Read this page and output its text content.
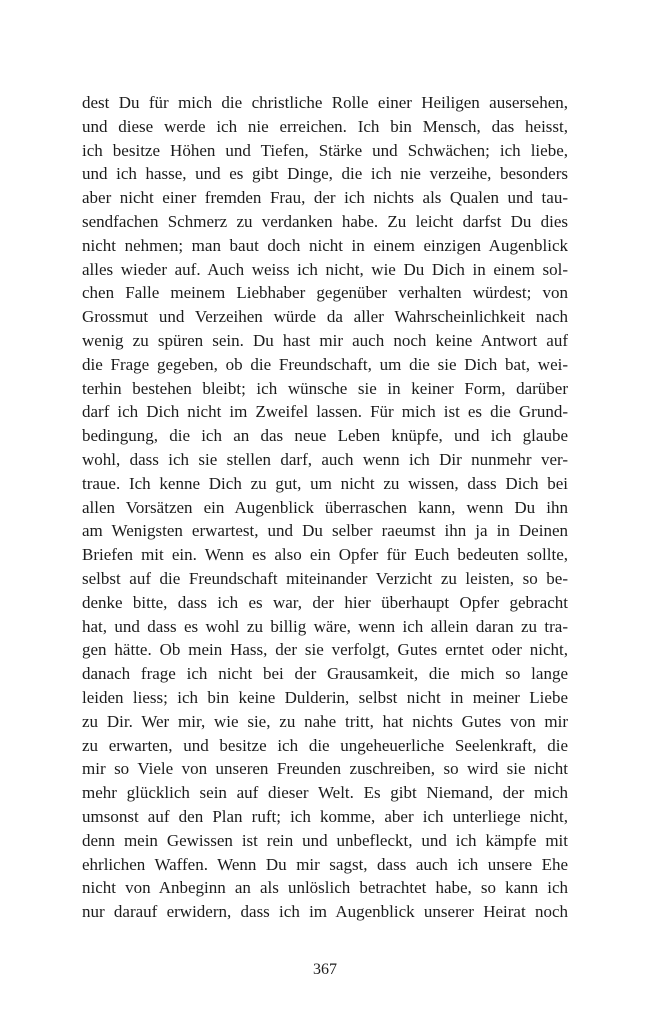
dest Du für mich die christliche Rolle einer Heiligen ausersehen,
und diese werde ich nie erreichen. Ich bin Mensch, das heisst,
ich besitze Höhen und Tiefen, Stärke und Schwächen; ich liebe,
und ich hasse, und es gibt Dinge, die ich nie verzeihe, besonders
aber nicht einer fremden Frau, der ich nichts als Qualen und tau-
sendfachen Schmerz zu verdanken habe. Zu leicht darfst Du dies
nicht nehmen; man baut doch nicht in einem einzigen Augenblick
alles wieder auf. Auch weiss ich nicht, wie Du Dich in einem sol-
chen Falle meinem Liebhaber gegenüber verhalten würdest; von
Grossmut und Verzeihen würde da aller Wahrscheinlichkeit nach
wenig zu spüren sein. Du hast mir auch noch keine Antwort auf
die Frage gegeben, ob die Freundschaft, um die sie Dich bat, wei-
terhin bestehen bleibt; ich wünsche sie in keiner Form, darüber
darf ich Dich nicht im Zweifel lassen. Für mich ist es die Grund-
bedingung, die ich an das neue Leben knüpfe, und ich glaube
wohl, dass ich sie stellen darf, auch wenn ich Dir nunmehr ver-
traue. Ich kenne Dich zu gut, um nicht zu wissen, dass Dich bei
allen Vorsätzen ein Augenblick überraschen kann, wenn Du ihn
am Wenigsten erwartest, und Du selber raeumst ihn ja in Deinen
Briefen mit ein. Wenn es also ein Opfer für Euch bedeuten sollte,
selbst auf die Freundschaft miteinander Verzicht zu leisten, so be-
denke bitte, dass ich es war, der hier überhaupt Opfer gebracht
hat, und dass es wohl zu billig wäre, wenn ich allein daran zu tra-
gen hätte. Ob mein Hass, der sie verfolgt, Gutes erntet oder nicht,
danach frage ich nicht bei der Grausamkeit, die mich so lange
leiden liess; ich bin keine Dulderin, selbst nicht in meiner Liebe
zu Dir. Wer mir, wie sie, zu nahe tritt, hat nichts Gutes von mir
zu erwarten, und besitze ich die ungeheuerliche Seelenkraft, die
mir so Viele von unseren Freunden zuschreiben, so wird sie nicht
mehr glücklich sein auf dieser Welt. Es gibt Niemand, der mich
umsonst auf den Plan ruft; ich komme, aber ich unterliege nicht,
denn mein Gewissen ist rein und unbefleckt, und ich kämpfe mit
ehrlichen Waffen. Wenn Du mir sagst, dass auch ich unsere Ehe
nicht von Anbeginn an als unlöslich betrachtet habe, so kann ich
nur darauf erwidern, dass ich im Augenblick unserer Heirat noch
367
